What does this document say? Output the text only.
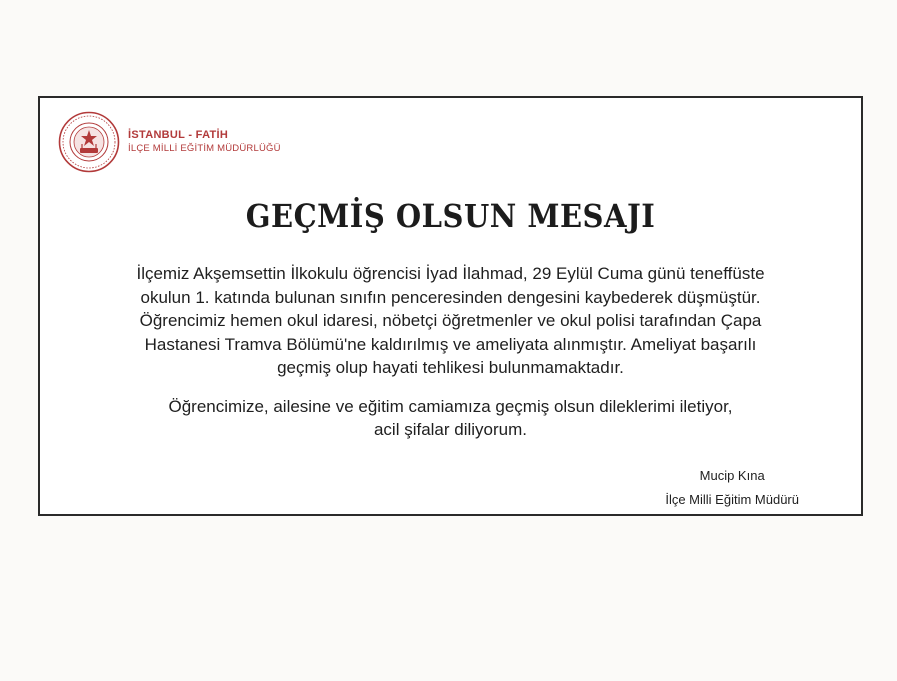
İSTANBUL - FATİH
İLÇE MİLLİ EĞİTİM MÜDÜRLÜĞÜ
GEÇMİŞ OLSUN MESAJI

İlçemiz Akşemsettin İlkokulu öğrencisi İyad İlahmad, 29 Eylül Cuma günü teneffüste
okulun 1. katında bulunan sınıfın penceresinden dengesini kaybederek düşmüştür.
Öğrencimiz hemen okul idaresi, nöbetçi öğretmenler ve okul polisi tarafından Çapa
Hastanesi Tramva Bölümü'ne kaldırılmış ve ameliyata alınmıştır. Ameliyat başarılı
geçmiş olup hayati tehlikesi bulunmamaktadır.

Öğrencimize, ailesine ve eğitim camiamıza geçmiş olsun dileklerimi iletiyor,
acil şifalar diliyorum.

Mucip Kına
İlçe Milli Eğitim Müdürü
